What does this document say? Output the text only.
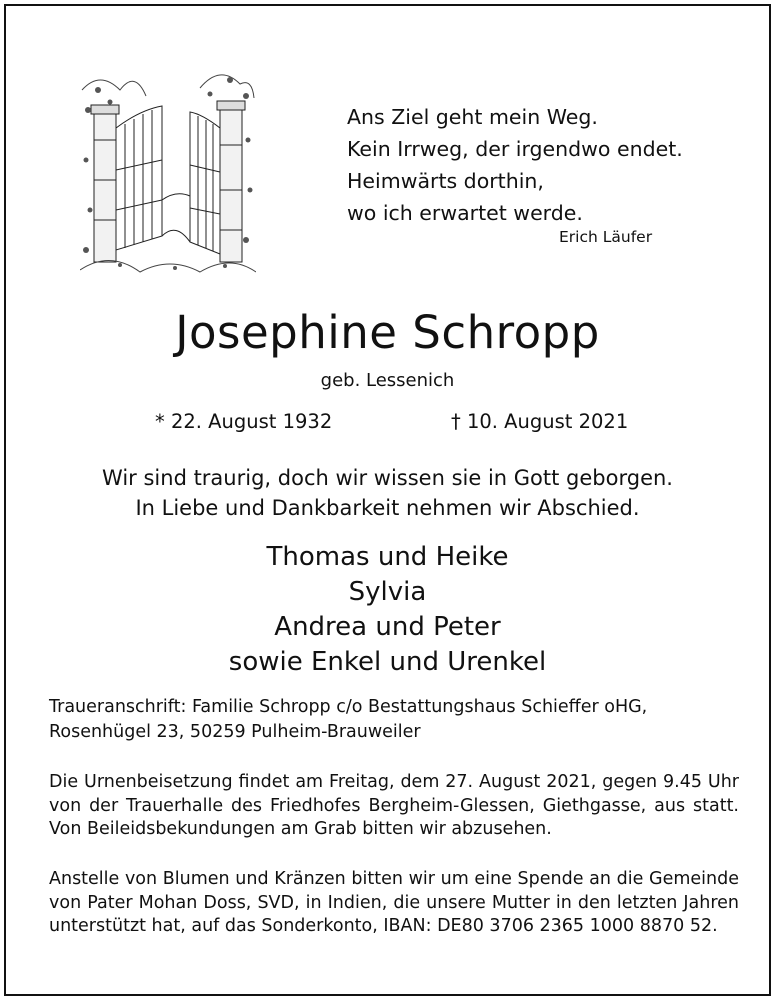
Ans Ziel geht mein Weg.
Kein Irrweg, der irgendwo endet.
Heimwärts dorthin,
wo ich erwartet werde.
Erich Läufer
Josephine Schropp
geb. Lessenich
* 22. August 1932	† 10. August 2021
Wir sind traurig, doch wir wissen sie in Gott geborgen.
In Liebe und Dankbarkeit nehmen wir Abschied.
Thomas und Heike
Sylvia
Andrea und Peter
sowie Enkel und Urenkel
Traueranschrift: Familie Schropp c/o Bestattungshaus Schieffer oHG,
Rosenhügel 23, 50259 Pulheim-Brauweiler
Die Urnenbeisetzung findet am Freitag, dem 27. August 2021, gegen 9.45 Uhr von der Trauerhalle des Friedhofes Bergheim-Glessen, Giethgasse, aus statt. Von Beileidsbekundungen am Grab bitten wir abzusehen.
Anstelle von Blumen und Kränzen bitten wir um eine Spende an die Gemeinde von Pater Mohan Doss, SVD, in Indien, die unsere Mutter in den letzten Jahren unterstützt hat, auf das Sonderkonto, IBAN: DE80 3706 2365 1000 8870 52.
